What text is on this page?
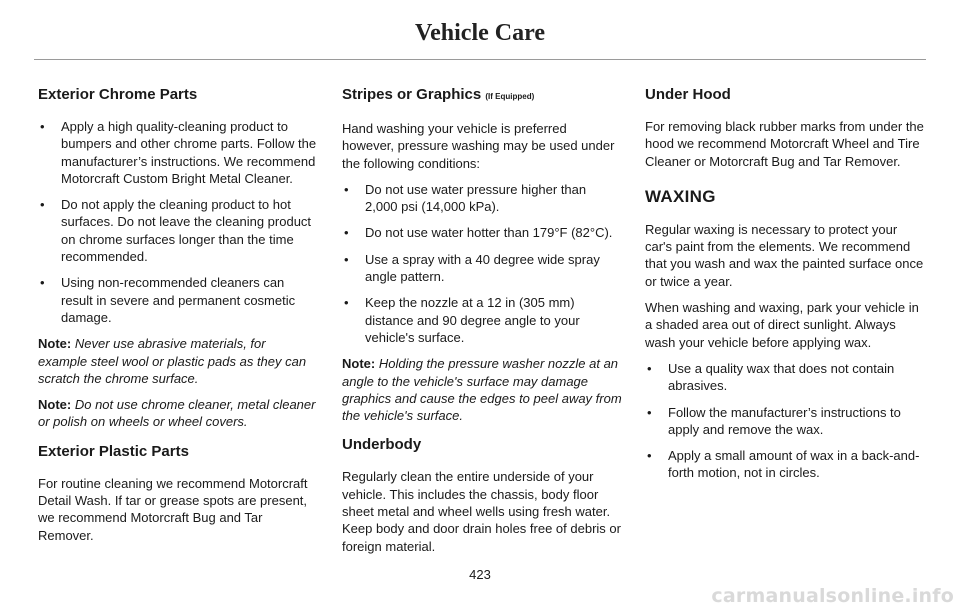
Vehicle Care
Exterior Chrome Parts
• Apply a high quality-cleaning product to bumpers and other chrome parts. Follow the manufacturer’s instructions. We recommend Motorcraft Custom Bright Metal Cleaner.
• Do not apply the cleaning product to hot surfaces. Do not leave the cleaning product on chrome surfaces longer than the time recommended.
• Using non-recommended cleaners can result in severe and permanent cosmetic damage.

Note: Never use abrasive materials, for example steel wool or plastic pads as they can scratch the chrome surface.

Note: Do not use chrome cleaner, metal cleaner or polish on wheels or wheel covers.

Exterior Plastic Parts

For routine cleaning we recommend Motorcraft Detail Wash. If tar or grease spots are present, we recommend Motorcraft Bug and Tar Remover.

Stripes or Graphics (If Equipped)

Hand washing your vehicle is preferred however, pressure washing may be used under the following conditions:

• Do not use water pressure higher than 2,000 psi (14,000 kPa).
• Do not use water hotter than 179°F (82°C).
• Use a spray with a 40 degree wide spray angle pattern.
• Keep the nozzle at a 12 in (305 mm) distance and 90 degree angle to your vehicle's surface.

Note: Holding the pressure washer nozzle at an angle to the vehicle's surface may damage graphics and cause the edges to peel away from the vehicle's surface.

Underbody

Regularly clean the entire underside of your vehicle. This includes the chassis, body floor sheet metal and wheel wells using fresh water. Keep body and door drain holes free of debris or foreign material.

Under Hood

For removing black rubber marks from under the hood we recommend Motorcraft Wheel and Tire Cleaner or Motorcraft Bug and Tar Remover.

WAXING

Regular waxing is necessary to protect your car's paint from the elements. We recommend that you wash and wax the painted surface once or twice a year.

When washing and waxing, park your vehicle in a shaded area out of direct sunlight. Always wash your vehicle before applying wax.

• Use a quality wax that does not contain abrasives.
• Follow the manufacturer’s instructions to apply and remove the wax.
• Apply a small amount of wax in a back-and-forth motion, not in circles.
423
carmanualsonline.info
